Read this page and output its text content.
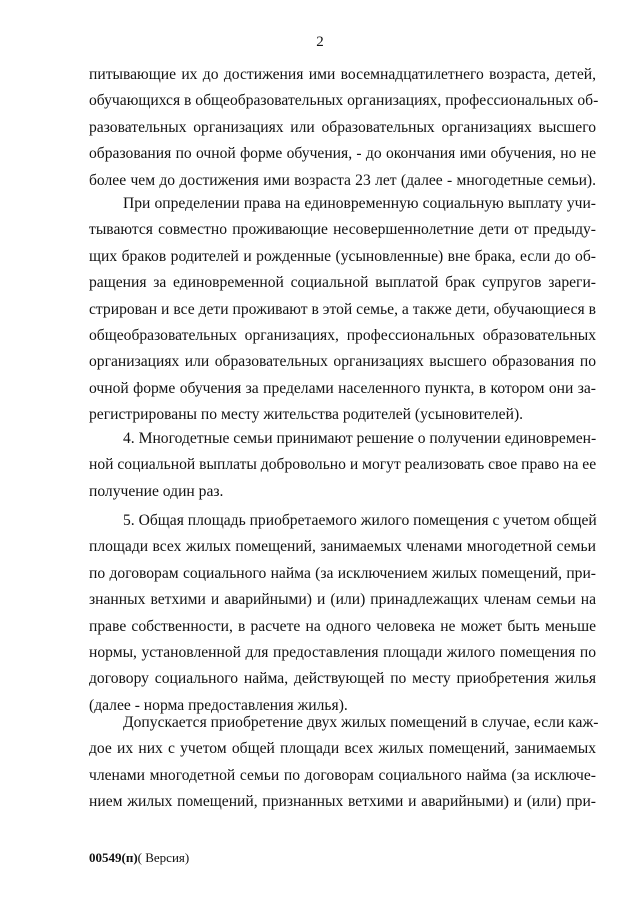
2
питывающие их до достижения ими восемнадцатилетнего возраста, детей,
обучающихся в общеобразовательных организациях, профессиональных об-
разовательных организациях или образовательных организациях высшего
образования по очной форме обучения, - до окончания ими обучения, но не
более чем до достижения ими возраста 23 лет (далее - многодетные семьи).
При определении права на единовременную социальную выплату учи-
тываются совместно проживающие несовершеннолетние дети от предыду-
щих браков родителей и рожденные (усыновленные) вне брака, если до об-
ращения за единовременной социальной выплатой брак супругов зареги-
стрирован и все дети проживают в этой семье, а также дети, обучающиеся в
общеобразовательных организациях, профессиональных образовательных
организациях или образовательных организациях высшего образования по
очной форме обучения за пределами населенного пункта, в котором они за-
регистрированы по месту жительства родителей (усыновителей).
4. Многодетные семьи принимают решение о получении единовремен-
ной социальной выплаты добровольно и могут реализовать свое право на ее
получение один раз.
5. Общая площадь приобретаемого жилого помещения с учетом общей
площади всех жилых помещений, занимаемых членами многодетной семьи
по договорам социального найма (за исключением жилых помещений, при-
знанных ветхими и аварийными) и (или) принадлежащих членам семьи на
праве собственности, в расчете на одного человека не может быть меньше
нормы, установленной для предоставления площади жилого помещения по
договору социального найма, действующей по месту приобретения жилья
(далее - норма предоставления жилья).
Допускается приобретение двух жилых помещений в случае, если каж-
дое их них с учетом общей площади всех жилых помещений, занимаемых
членами многодетной семьи по договорам социального найма (за исключе-
нием жилых помещений, признанных ветхими и аварийными) и (или) при-
00549(п)( Версия)
